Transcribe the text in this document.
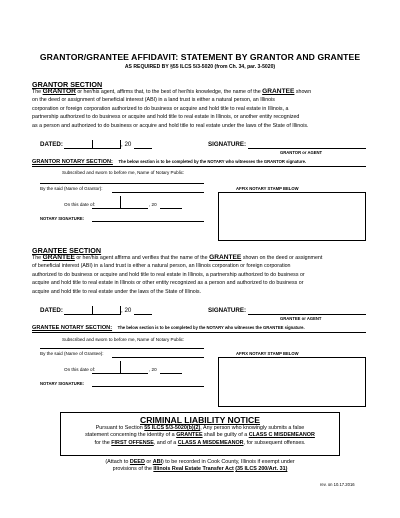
GRANTOR/GRANTEE AFFIDAVIT: STATEMENT BY GRANTOR AND GRANTEE
AS REQUIRED BY §55 ILCS 5/3-5020 (from Ch. 34, par. 3-5020)
GRANTOR SECTION
The GRANTOR or her/his agent, affirms that, to the best of her/his knowledge, the name of the GRANTEE shown
on the deed or assignment of beneficial interest (ABI) in a land trust is either a natural person, an Illinois
corporation or foreign corporation authorized to do business or acquire and hold title to real estate in Illinois, a
partnership authorized to do business or acquire and hold title to real estate in Illinois, or another entity recognized
as a person and authorized to do business or acquire and hold title to real estate under the laws of the State of Illinois.
DATED:	, 20	SIGNATURE:
GRANTOR or AGENT
GRANTOR NOTARY SECTION: The below section is to be completed by the NOTARY who witnesses the GRANTOR signature.
Subscribed and sworn to before me, Name of Notary Public:
By the said (Name of Grantor):	AFFIX NOTARY STAMP BELOW
On this date of:	, 20
NOTARY SIGNATURE:
GRANTEE SECTION
The GRANTEE or her/his agent affirms and verifies that the name of the GRANTEE shown on the deed or assignment
of beneficial interest (ABI) in a land trust is either a natural person, an Illinois corporation or foreign corporation
authorized to do business or acquire and hold title to real estate in Illinois, a partnership authorized to do business or
acquire and hold title to real estate in Illinois or other entity recognized as a person and authorized to do business or
acquire and hold title to real estate under the laws of the State of Illinois.
DATED:	, 20	SIGNATURE:
GRANTEE or AGENT
GRANTEE NOTARY SECTION: The below section is to be completed by the NOTARY who witnesses the GRANTEE signature.
Subscribed and sworn to before me, Name of Notary Public:
By the said (Name of Grantee):	AFFIX NOTARY STAMP BELOW
On this date of:	, 20
NOTARY SIGNATURE:
CRIMINAL LIABILITY NOTICE
Pursuant to Section 55 ILCS 5/3-5020(b)(2), Any person who knowingly submits a false
statement concerning the identity of a GRANTEE shall be guilty of a CLASS C MISDEMEANOR
for the FIRST OFFENSE, and of a CLASS A MISDEMEANOR, for subsequent offenses.
(Attach to DEED or ABI) to be recorded in Cook County, Illinois if exempt under
provisions of the Illinois Real Estate Transfer Act (35 ILCS 200/Art. 31)
rev. on 10.17.2016
